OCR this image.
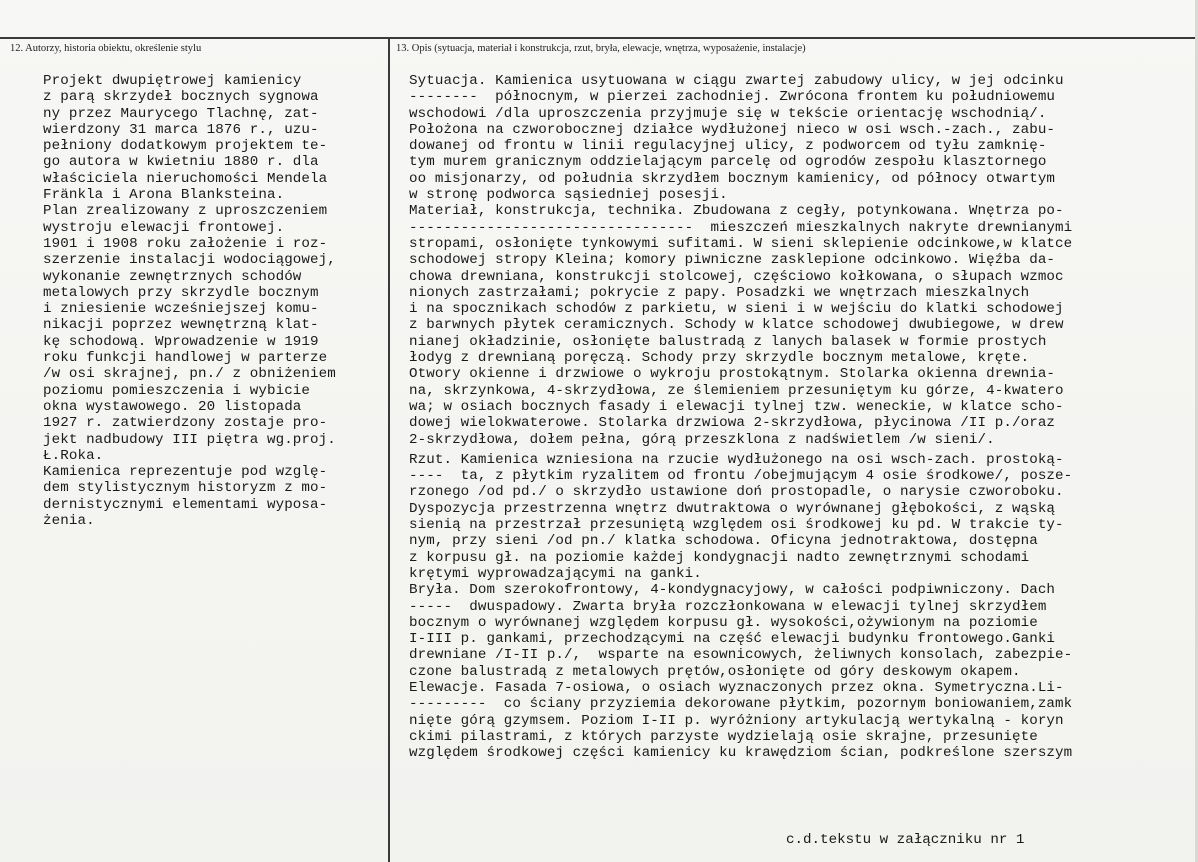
12. Autorzy, historia obiektu, określenie stylu	13. Opis (sytuacja, materiał i konstrukcja, rzut, bryła, elewacje, wnętrza, wyposażenie, instalacje)
Projekt dwupiętrowej kamienicy
z parą skrzydeł bocznych sygnowa
ny przez Maurycego Tlachnę, zat-
wierdzony 31 marca 1876 r., uzu-
pełniony dodatkowym projektem te-
go autora w kwietniu 1880 r. dla
właściciela nieruchomości Mendela
Fränkla i Arona Blanksteina.
Plan zrealizowany z uproszczeniem
wystroju elewacji frontowej.
1901 i 1908 roku założenie i roz-
szerzenie instalacji wodociągowej,
wykonanie zewnętrznych schodów
metalowych przy skrzydle bocznym
i zniesienie wcześniejszej komu-
nikacji poprzez wewnętrzną klat-
kę schodową. Wprowadzenie w 1919
roku funkcji handlowej w parterze
/w osi skrajnej, pn./ z obniżeniem
poziomu pomieszczenia i wybicie
okna wystawowego. 20 listopada
1927 r. zatwierdzony zostaje pro-
jekt nadbudowy III piętra wg.proj.
Ł.Roka.
Kamienica reprezentuje pod wzglę-
dem stylistycznym historyzm z mo-
dernistycznymi elementami wyposa-
żenia.
Sytuacja. Kamienica usytuowana w ciągu zwartej zabudowy ulicy, w jej odcinku
--------  północnym, w pierzei zachodniej. Zwrócona frontem ku południowemu
wschodowi /dla uproszczenia przyjmuje się w tekście orientację wschodnią/.
Położona na czworobocznej działce wydłużonej nieco w osi wsch.-zach., zabu-
dowanej od frontu w linii regulacyjnej ulicy, z podworcem od tyłu zamknię-
tym murem granicznym oddzielającym parcelę od ogrodów zespołu klasztornego
oo misjonarzy, od południa skrzydłem bocznym kamienicy, od północy otwartym
w stronę podworca sąsiedniej posesji.
Materiał, konstrukcja, technika. Zbudowana z cegły, potynkowana. Wnętrza po-
---------------------------------  mieszczeń mieszkalnych nakryte drewnianymi
stropami, osłonięte tynkowymi sufitami. W sieni sklepienie odcinkowe,w klatce
schodowej stropy Kleina; komory piwniczne zasklepione odcinkowo. Więźba da-
chowa drewniana, konstrukcji stolcowej, częściowo kołkowana, o słupach wzmoc
nionych zastrzałami; pokrycie z papy. Posadzki we wnętrzach mieszkalnych
i na spocznikach schodów z parkietu, w sieni i w wejściu do klatki schodowej
z barwnych płytek ceramicznych. Schody w klatce schodowej dwubiegowe, w drew
nianej okładzinie, osłonięte balustradą z lanych balasek w formie prostych
łodyg z drewnianą poręczą. Schody przy skrzydle bocznym metalowe, kręte.
Otwory okienne i drzwiowe o wykroju prostokątnym. Stolarka okienna drewnia-
na, skrzynkowa, 4-skrzydłowa, ze ślemieniem przesuniętym ku górze, 4-kwatero
wa; w osiach bocznych fasady i elewacji tylnej tzw. weneckie, w klatce scho-
dowej wielokwaterowe. Stolarka drzwiowa 2-skrzydłowa, płycinowa /II p./oraz
2-skrzydłowa, dołem pełna, górą przeszklona z nadświetlem /w sieni/.
Rzut. Kamienica wzniesiona na rzucie wydłużonego na osi wsch-zach. prostoką-
----  ta, z płytkim ryzalitem od frontu /obejmującym 4 osie środkowe/, posze-
rzonego /od pd./ o skrzydło ustawione doń prostopadle, o narysie czworoboku.
Dyspozycja przestrzenna wnętrz dwutraktowa o wyrównanej głębokości, z wąską
sienią na przestrzał przesuniętą względem osi środkowej ku pd. W trakcie ty-
nym, przy sieni /od pn./ klatka schodowa. Oficyna jednotraktowa, dostępna
z korpusu gł. na poziomie każdej kondygnacji nadto zewnętrznymi schodami
krętymi wyprowadzającymi na ganki.
Bryła. Dom szerokofrontowy, 4-kondygnacyjowy, w całości podpiwniczony. Dach
-----  dwuspadowy. Zwarta bryła rozczłonkowana w elewacji tylnej skrzydłem
bocznym o wyrównanej względem korpusu gł. wysokości,ożywionym na poziomie
I-III p. gankami, przechodzącymi na część elewacji budynku frontowego.Ganki
drewniane /I-II p./,  wsparte na esownicowych, żeliwnych konsolach, zabezpie-
czone balustradą z metalowych prętów,osłonięte od góry deskowym okapem.
Elewacje. Fasada 7-osiowa, o osiach wyznaczonych przez okna. Symetryczna.Li-
---------  co ściany przyziemia dekorowane płytkim, pozornym boniowaniem,zamk
nięte górą gzymsem. Poziom I-II p. wyróżniony artykulacją wertykalną - koryn
ckimi pilastrami, z których parzyste wydzielają osie skrajne, przesunięte
względem środkowej części kamienicy ku krawędziom ścian, podkreślone szerszym
c.d.tekstu w załączniku nr 1
